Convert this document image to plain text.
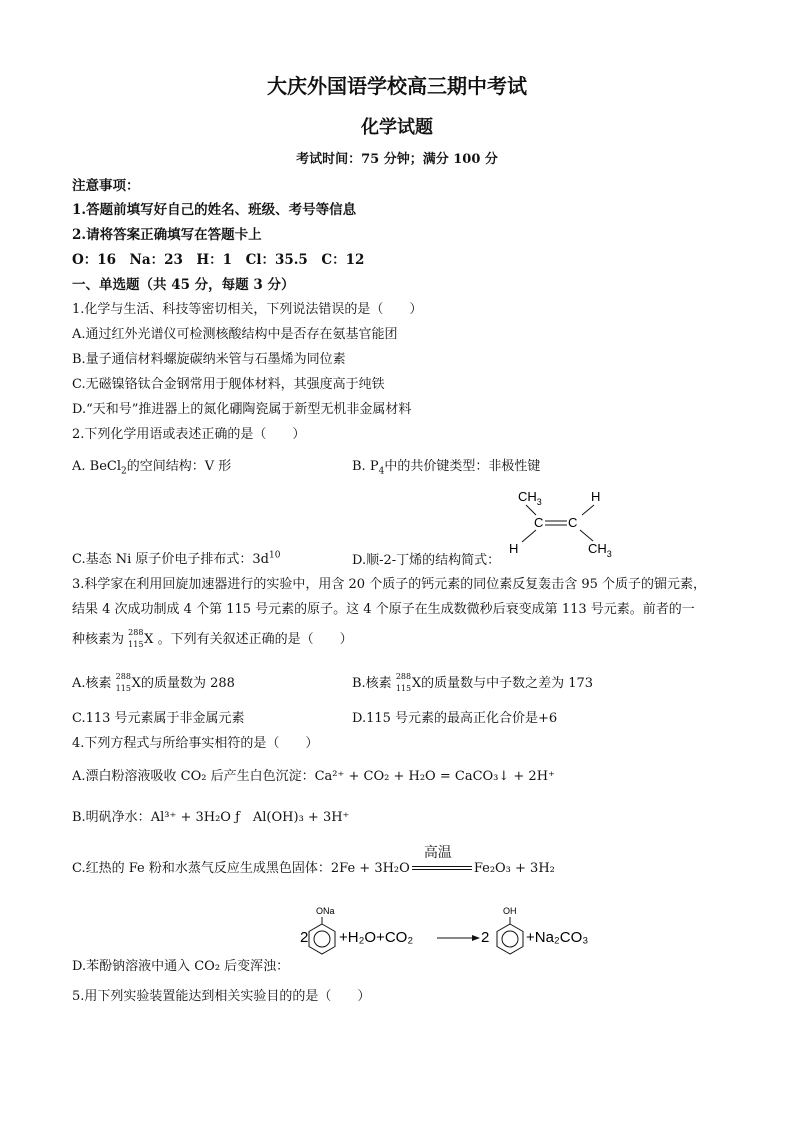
大庆外国语学校高三期中考试
化学试题
考试时间：75 分钟；满分 100 分
注意事项：
1.答题前填写好自己的姓名、班级、考号等信息
2.请将答案正确填写在答题卡上
O：16　Na：23　H：1　Cl：35.5　C：12
一、单选题（共 45 分，每题 3 分）
1.化学与生活、科技等密切相关，下列说法错误的是（　　）
A.通过红外光谱仪可检测核酸结构中是否存在氨基官能团
B.量子通信材料螺旋碳纳米管与石墨烯为同位素
C.无磁镍铬钛合金钢常用于舰体材料，其强度高于纯铁
D.“天和号”推进器上的氮化硼陶瓷属于新型无机非金属材料
2.下列化学用语或表述正确的是（　　）
A. BeCl$_2$的空间结构：V 形	B. $P_4$中的共价键类型：非极性键
$CH_3$	H
C C
H	$CH_3$
C.基态 Ni 原子价电子排布式：$3d^{10}$	D.顺-2-丁烯的结构简式：
3.科学家在利用回旋加速器进行的实验中，用含 20 个质子的钙元素的同位素反复轰击含 95 个质子的镅元素，
结果 4 次成功制成 4 个第 115 号元素的原子。这 4 个原子在生成数微秒后衰变成第 113 号元素。前者的一
种核素为 288
115 X 。下列有关叙述正确的是（　　）
A.核素 288
115 X的质量数为 288	B.核素 288
115 X的质量数与中子数之差为 173
C.113 号元素属于非金属元素	D.115 号元素的最高正化合价是+6
4.下列方程式与所给事实相符的是（　　）
A.漂白粉溶液吸收 CO₂ 后产生白色沉淀：Ca²⁺ + CO₂ + H₂O = CaCO₃↓ + 2H⁺
B.明矾净水：Al³⁺ + 3H₂O ƒ　Al(OH)₃ + 3H⁺
C.红热的 Fe 粉和水蒸气反应生成黑色固体：2Fe + 3H₂O
高温
Fe₂O₃ + 3H₂
D.苯酚钠溶液中通入 CO₂ 后变浑浊：
2
ONa
+H₂O+CO₂	2
OH
+Na₂CO₃
5.用下列实验装置能达到相关实验目的的是（　　）
